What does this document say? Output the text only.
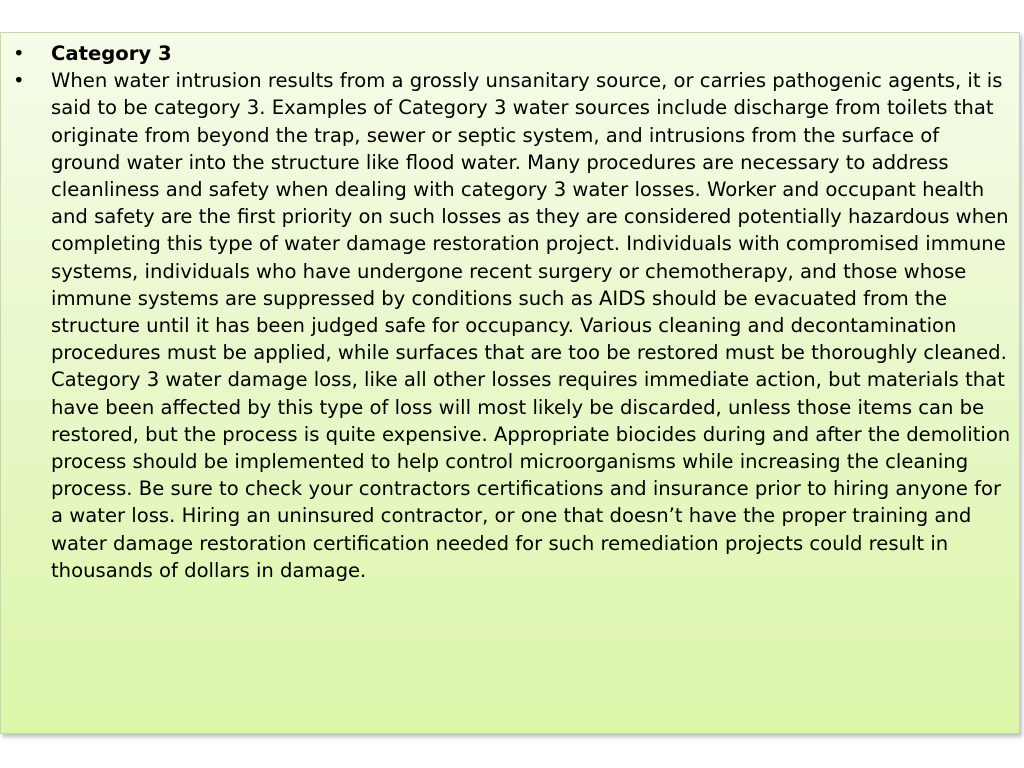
• Category 3
• When water intrusion results from a grossly unsanitary source, or carries pathogenic agents, it is said to be category 3. Examples of Category 3 water sources include discharge from toilets that originate from beyond the trap, sewer or septic system, and intrusions from the surface of ground water into the structure like flood water. Many procedures are necessary to address cleanliness and safety when dealing with category 3 water losses. Worker and occupant health and safety are the first priority on such losses as they are considered potentially hazardous when completing this type of water damage restoration project. Individuals with compromised immune systems, individuals who have undergone recent surgery or chemotherapy, and those whose immune systems are suppressed by conditions such as AIDS should be evacuated from the structure until it has been judged safe for occupancy. Various cleaning and decontamination procedures must be applied, while surfaces that are too be restored must be thoroughly cleaned. Category 3 water damage loss, like all other losses requires immediate action, but materials that have been affected by this type of loss will most likely be discarded, unless those items can be restored, but the process is quite expensive. Appropriate biocides during and after the demolition process should be implemented to help control microorganisms while increasing the cleaning process. Be sure to check your contractors certifications and insurance prior to hiring anyone for a water loss. Hiring an uninsured contractor, or one that doesn’t have the proper training and water damage restoration certification needed for such remediation projects could result in thousands of dollars in damage.
